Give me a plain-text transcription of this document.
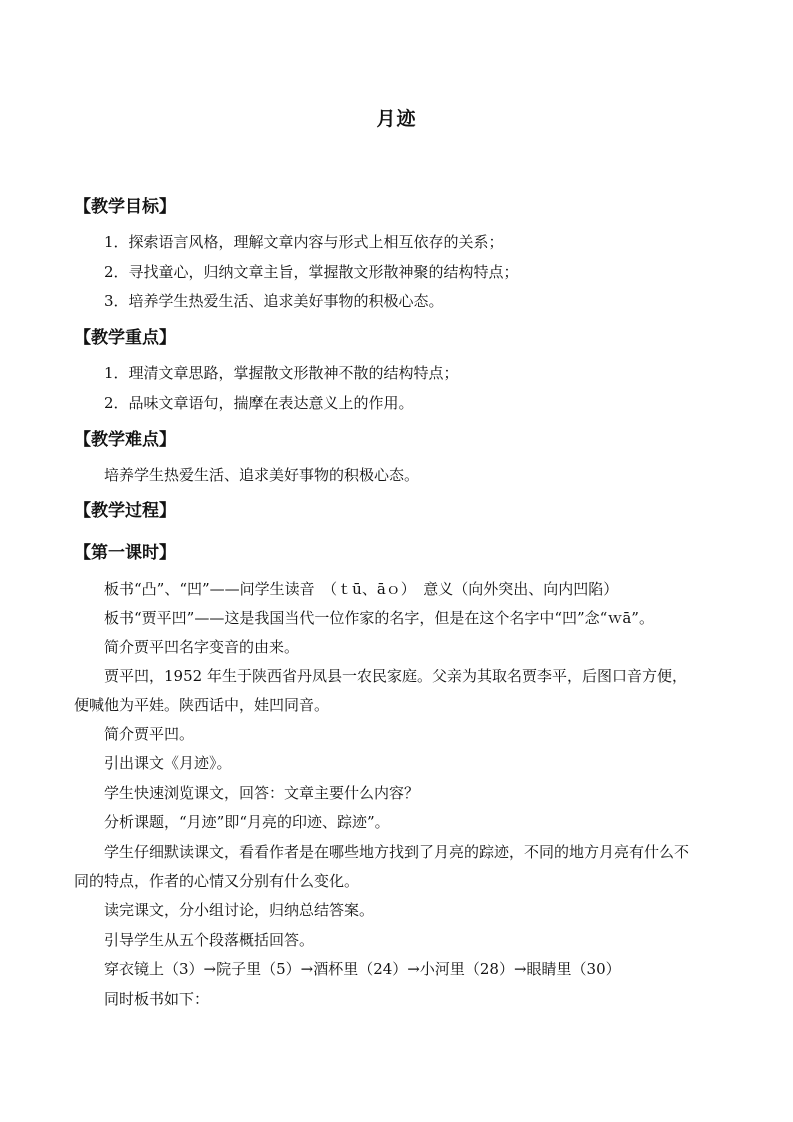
月迹
【教学目标】
1．探索语言风格，理解文章内容与形式上相互依存的关系；
2．寻找童心，归纳文章主旨，掌握散文形散神聚的结构特点；
3．培养学生热爱生活、追求美好事物的积极心态。
【教学重点】
1．理清文章思路，掌握散文形散神不散的结构特点；
2．品味文章语句，揣摩在表达意义上的作用。
【教学难点】
培养学生热爱生活、追求美好事物的积极心态。
【教学过程】
【第一课时】
板书“凸”、“凹”——问学生读音　（ｔū、āｏ）　意义（向外突出、向内凹陷）
板书“贾平凹”——这是我国当代一位作家的名字，但是在这个名字中“凹”念“ｗā”。
简介贾平凹名字变音的由来。
贾平凹，1952 年生于陕西省丹凤县一农民家庭。父亲为其取名贾李平，后图口音方便，
便喊他为平娃。陕西话中，娃凹同音。
简介贾平凹。
引出课文《月迹》。
学生快速浏览课文，回答：文章主要什么内容？
分析课题，“月迹”即“月亮的印迹、踪迹”。
学生仔细默读课文，看看作者是在哪些地方找到了月亮的踪迹，不同的地方月亮有什么不
同的特点，作者的心情又分别有什么变化。
读完课文，分小组讨论，归纳总结答案。
引导学生从五个段落概括回答。
穿衣镜上（3）→院子里（5）→酒杯里（24）→小河里（28）→眼睛里（30）
同时板书如下：
